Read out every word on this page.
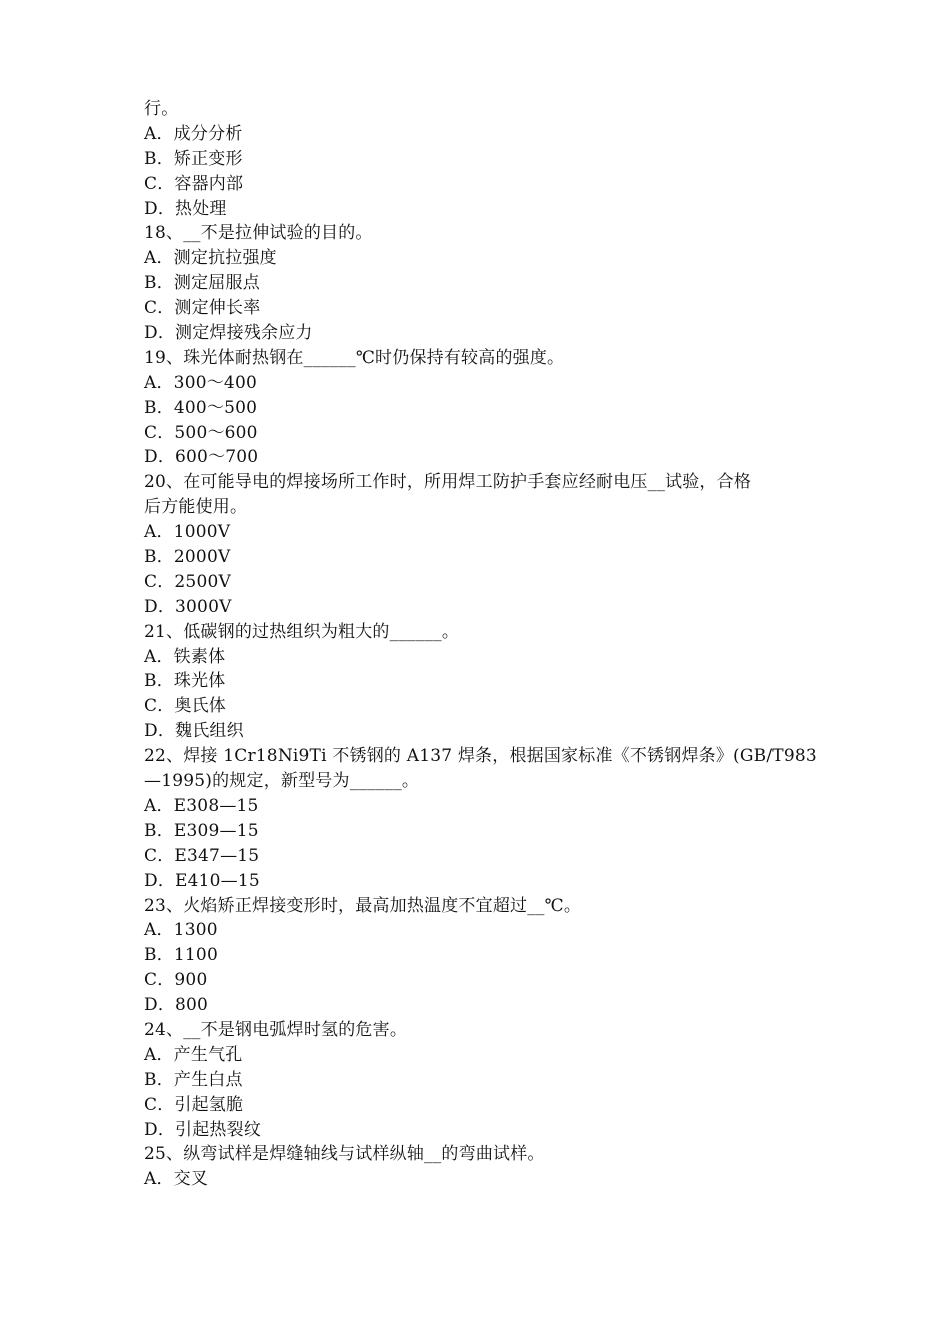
行。
A．成分分析
B．矫正变形
C．容器内部
D．热处理
18、__不是拉伸试验的目的。
A．测定抗拉强度
B．测定屈服点
C．测定伸长率
D．测定焊接残余应力
19、珠光体耐热钢在______℃时仍保持有较高的强度。
A．300～400
B．400～500
C．500～600
D．600～700
20、在可能导电的焊接场所工作时，所用焊工防护手套应经耐电压__试验，合格
后方能使用。
A．1000V
B．2000V
C．2500V
D．3000V
21、低碳钢的过热组织为粗大的______。
A．铁素体
B．珠光体
C．奥氏体
D．魏氏组织
22、焊接 1Cr18Ni9Ti 不锈钢的 A137 焊条，根据国家标准《不锈钢焊条》(GB/T983
—1995)的规定，新型号为______。
A．E308—15
B．E309—15
C．E347—15
D．E410—15
23、火焰矫正焊接变形时，最高加热温度不宜超过__℃。
A．1300
B．1100
C．900
D．800
24、__不是钢电弧焊时氢的危害。
A．产生气孔
B．产生白点
C．引起氢脆
D．引起热裂纹
25、纵弯试样是焊缝轴线与试样纵轴__的弯曲试样。
A．交叉
